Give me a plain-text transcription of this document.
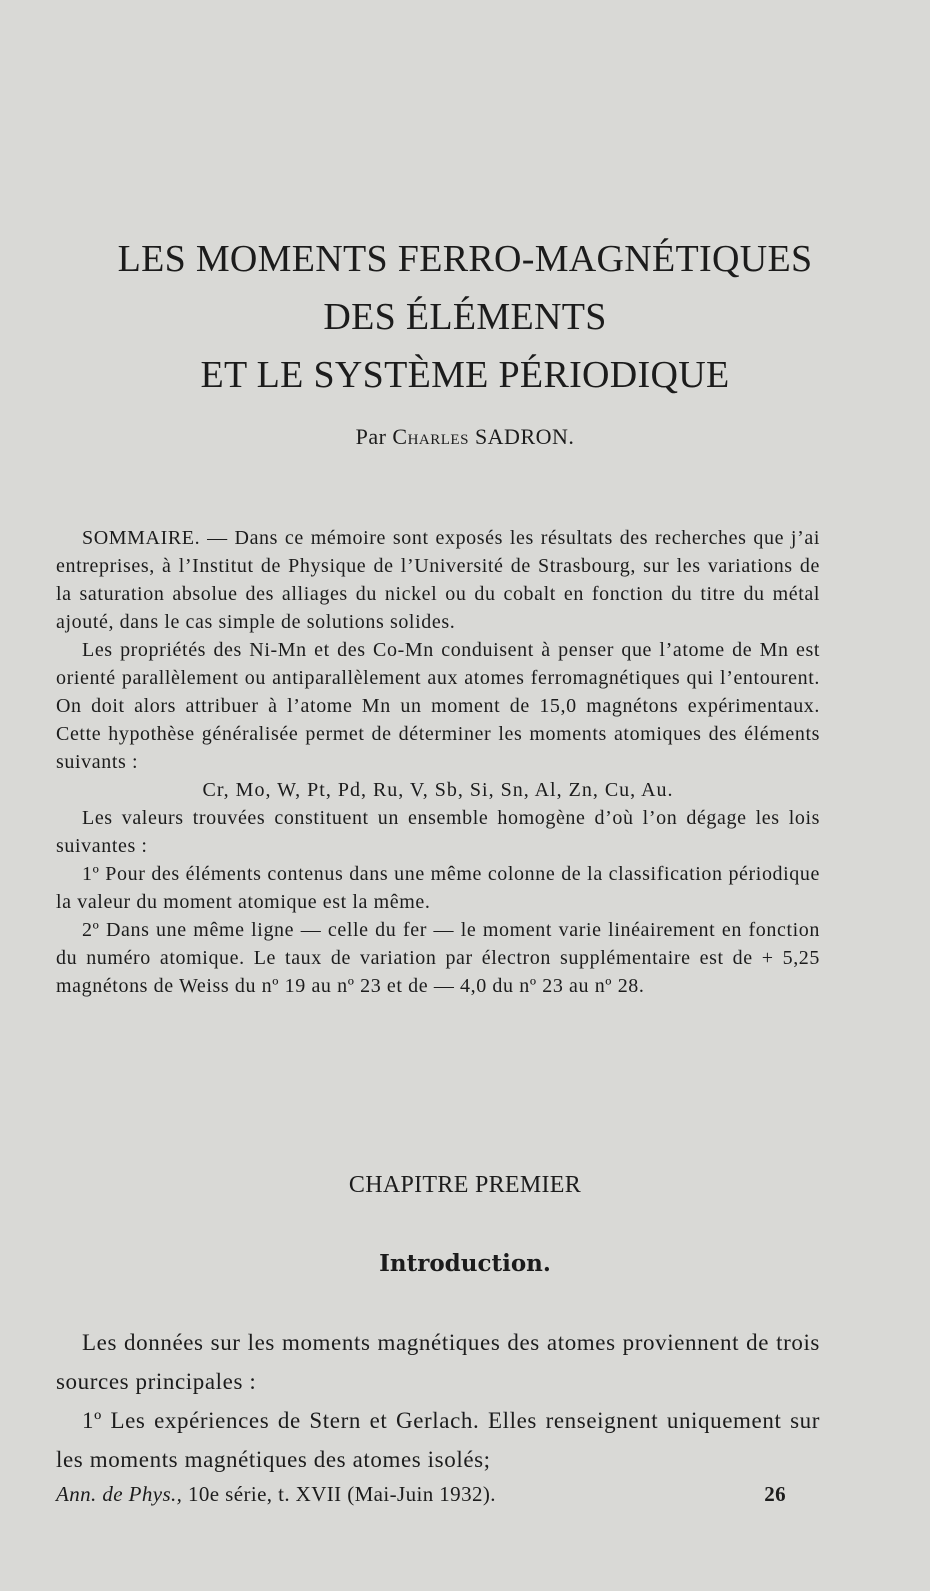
LES MOMENTS FERRO-MAGNÉTIQUES
DES ÉLÉMENTS
ET LE SYSTÈME PÉRIODIQUE
Par Charles SADRON.

SOMMAIRE. — Dans ce mémoire sont exposés les résultats des recherches que j’ai entreprises, à l’Institut de Physique de l’Université de Strasbourg, sur les variations de la saturation absolue des alliages du nickel ou du cobalt en fonction du titre du métal ajouté, dans le cas simple de solutions solides.

Les propriétés des Ni-Mn et des Co-Mn conduisent à penser que l’atome de Mn est orienté parallèlement ou antiparallèlement aux atomes ferromagnétiques qui l’entourent. On doit alors attribuer à l’atome Mn un moment de 15,0 magnétons expérimentaux. Cette hypothèse généralisée permet de déterminer les moments atomiques des éléments suivants :

Cr, Mo, W, Pt, Pd, Ru, V, Sb, Si, Sn, Al, Zn, Cu, Au.

Les valeurs trouvées constituent un ensemble homogène d’où l’on dégage les lois suivantes :

1º Pour des éléments contenus dans une même colonne de la classification périodique la valeur du moment atomique est la même.

2º Dans une même ligne — celle du fer — le moment varie linéairement en fonction du numéro atomique. Le taux de variation par électron supplémentaire est de + 5,25 magnétons de Weiss du nº 19 au nº 23 et de — 4,0 du nº 23 au nº 28.

CHAPITRE PREMIER
Introduction.

Les données sur les moments magnétiques des atomes proviennent de trois sources principales :

1º Les expériences de Stern et Gerlach. Elles renseignent uniquement sur les moments magnétiques des atomes isolés;

Ann. de Phys., 10e série, t. XVII (Mai-Juin 1932).	26
